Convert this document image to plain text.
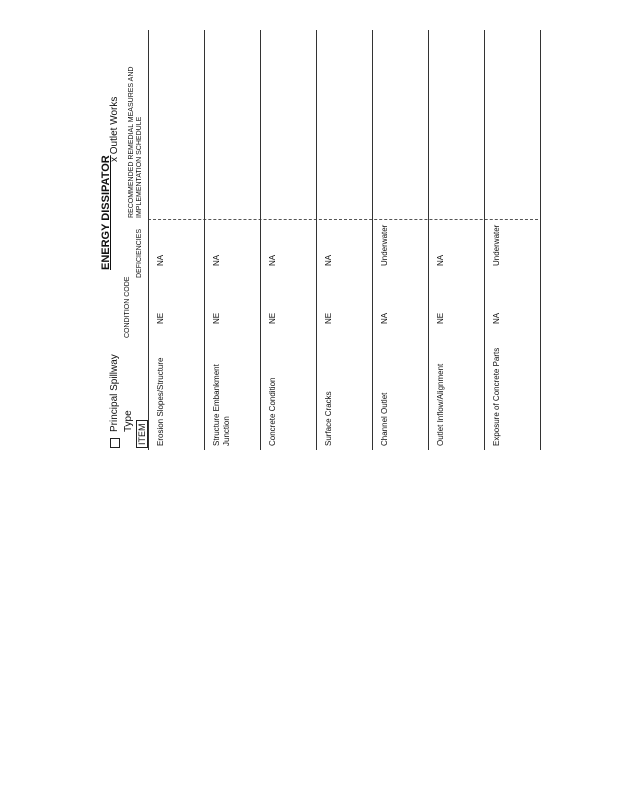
ENERGY DISSIPATOR
Principal Spillway
x Outlet Works
Type
ITEM
CONDITION CODE
DEFICIENCIES
RECOMMENDED REMEDIAL MEASURES AND IMPLEMENTATION SCHEDULE
Erosion Slopes/Structure
NE
NA
Structure Embankment Junction
NE
NA
Concrete Condition
NE
NA
Surface Cracks
NE
NA
Channel Outlet
NA
Underwater
Outlet Inflow/Alignment
NE
NA
Exposure of Concrete Parts
NA
Underwater
